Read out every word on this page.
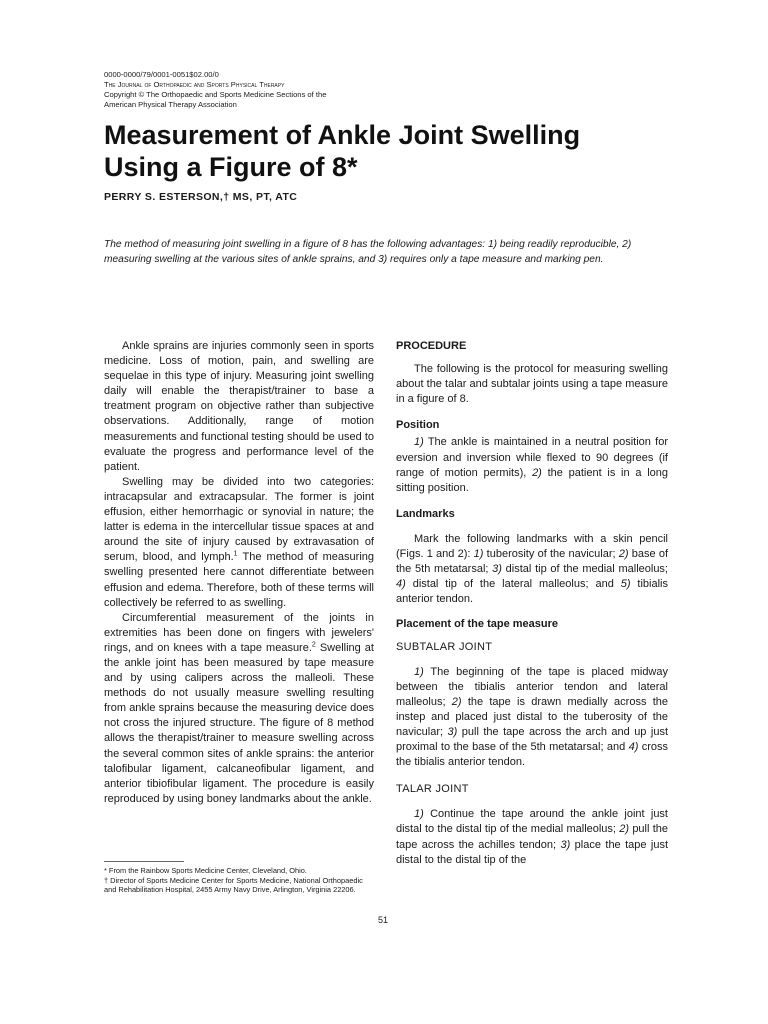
0000-0000/79/0001-0051$02.00/0
The Journal of Orthopaedic and Sports Physical Therapy
Copyright © The Orthopaedic and Sports Medicine Sections of the
American Physical Therapy Association
Measurement of Ankle Joint Swelling
Using a Figure of 8*
PERRY S. ESTERSON,† MS, PT, ATC
The method of measuring joint swelling in a figure of 8 has the following advantages: 1) being readily reproducible, 2) measuring swelling at the various sites of ankle sprains, and 3) requires only a tape measure and marking pen.

Ankle sprains are injuries commonly seen in sports medicine. Loss of motion, pain, and swelling are sequelae in this type of injury. Measuring joint swelling daily will enable the therapist/trainer to base a treatment program on objective rather than subjective observations. Additionally, range of motion measurements and functional testing should be used to evaluate the progress and performance level of the patient.

Swelling may be divided into two categories: intracapsular and extracapsular. The former is joint effusion, either hemorrhagic or synovial in nature; the latter is edema in the intercellular tissue spaces at and around the site of injury caused by extravasation of serum, blood, and lymph.$^1$ The method of measuring swelling presented here cannot differentiate between effusion and edema. Therefore, both of these terms will collectively be referred to as swelling.

Circumferential measurement of the joints in extremities has been done on fingers with jewelers' rings, and on knees with a tape measure.$^2$ Swelling at the ankle joint has been measured by tape measure and by using calipers across the malleoli. These methods do not usually measure swelling resulting from ankle sprains because the measuring device does not cross the injured structure. The figure of 8 method allows the therapist/trainer to measure swelling across the several common sites of ankle sprains: the anterior talofibular ligament, calcaneofibular ligament, and anterior tibiofibular ligament. The procedure is easily reproduced by using boney landmarks about the ankle.

* From the Rainbow Sports Medicine Center, Cleveland, Ohio.
† Director of Sports Medicine Center for Sports Medicine, National Orthopaedic and Rehabilitation Hospital, 2455 Army Navy Drive, Arlington, Virginia 22206.
PROCEDURE

The following is the protocol for measuring swelling about the talar and subtalar joints using a tape measure in a figure of 8.

Position

1) The ankle is maintained in a neutral position for eversion and inversion while flexed to 90 degrees (if range of motion permits), 2) the patient is in a long sitting position.

Landmarks

Mark the following landmarks with a skin pencil (Figs. 1 and 2): 1) tuberosity of the navicular; 2) base of the 5th metatarsal; 3) distal tip of the medial malleolus; 4) distal tip of the lateral malleolus; and 5) tibialis anterior tendon.

Placement of the tape measure
SUBTALAR JOINT

1) The beginning of the tape is placed midway between the tibialis anterior tendon and lateral malleolus; 2) the tape is drawn medially across the instep and placed just distal to the tuberosity of the navicular; 3) pull the tape across the arch and up just proximal to the base of the 5th metatarsal; and 4) cross the tibialis anterior tendon.

TALAR JOINT

1) Continue the tape around the ankle joint just distal to the distal tip of the medial malleolus; 2) pull the tape across the achilles tendon; 3) place the tape just distal to the distal tip of the

51
